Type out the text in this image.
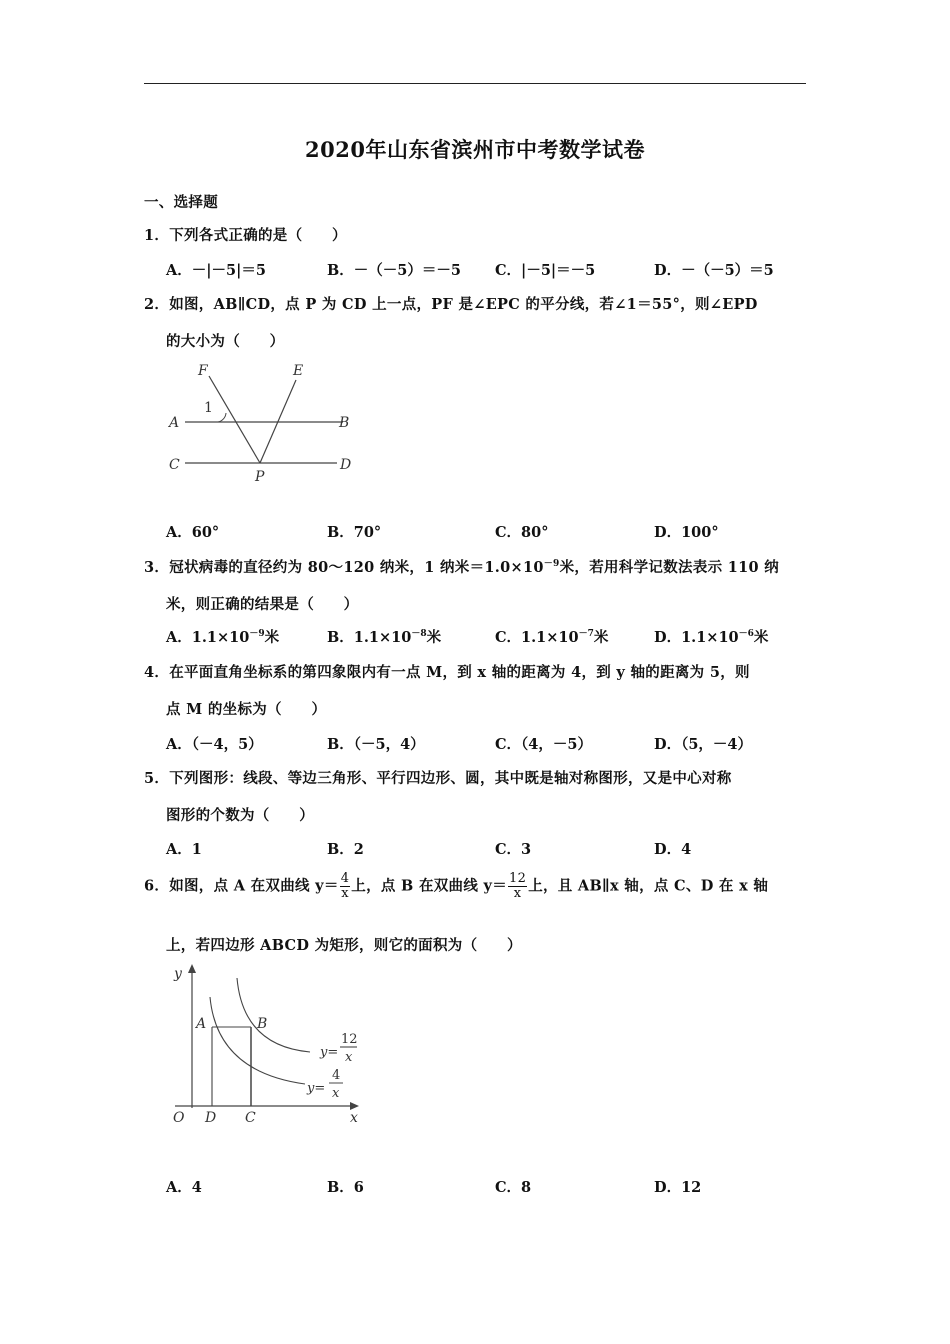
2020年山东省滨州市中考数学试卷
一、选择题
1．下列各式正确的是（　　）
A．－|－5|＝5	B．－（－5）＝－5 C．|－5|＝－5	D．－（－5）＝5
2．如图，AB∥CD，点 P 为 CD 上一点，PF 是∠EPC 的平分线，若∠1＝55°，则∠EPD
的大小为（　　）
F	E
1
A	B
C	D
P
A．60°	B．70°	C．80°	D．100°
3．冠状病毒的直径约为 80～120 纳米，1 纳米$=1.0\times 10^{-9}$米，若用科学记数法表示 110 纳
米，则正确的结果是（　　）
A．$1.1\times 10^{-9}$米	B．$1.1\times 10^{-8}$米	C．$1.1\times 10^{-7}$米	D．$1.1\times 10^{-6}$米
4．在平面直角坐标系的第四象限内有一点 M，到 x 轴的距离为 4，到 y 轴的距离为 5，则
点 M 的坐标为（　　）
A．（－4，5）	B．（－5，4）	C．（4，－5）	D．（5，－4）
5．下列图形：线段、等边三角形、平行四边形、圆，其中既是轴对称图形，又是中心对称
图形的个数为（　　）
A．1	B．2	C．3	D．4
6．如图，点 A 在双曲线 $y= \frac{4}{x}$ 上，点 B 在双曲线 $y= \frac{12}{x}$ 上，且 AB∥x 轴，点 C、D 在 x 轴
上，若四边形 ABCD 为矩形，则它的面积为（　　）
y
x
O
A	B
C
D
y=
12
x
y=
4
x
A．4	B．6	C．8	D．12
